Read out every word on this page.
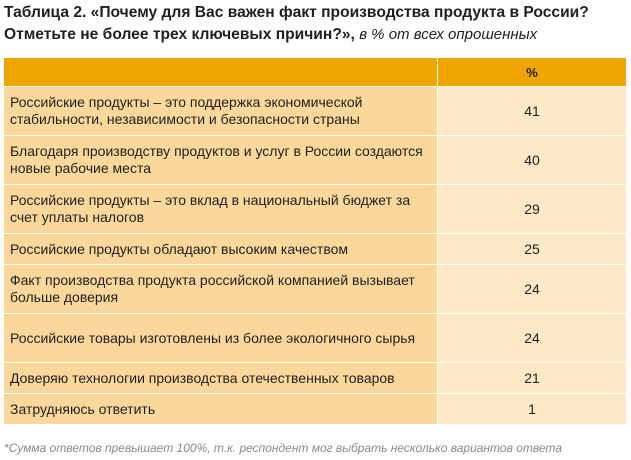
Таблица 2. «Почему для Вас важен факт производства продукта в России? Отметьте не более трех ключевых причин?», в % от всех опрошенных
	%
Российские продукты – это поддержка экономической стабильности, независимости и безопасности страны	41
Благодаря производству продуктов и услуг в России создаются новые рабочие места	40
Российские продукты – это вклад в национальный бюджет за счет уплаты налогов	29
Российские продукты обладают высоким качеством	25
Факт производства продукта российской компанией вызывает больше доверия	24
Российские товары изготовлены из более экологичного сырья	24
Доверяю технологии производства отечественных товаров	21
Затрудняюсь ответить	1
*Сумма ответов превышает 100%, т.к. респондент мог выбрать несколько вариантов ответа
